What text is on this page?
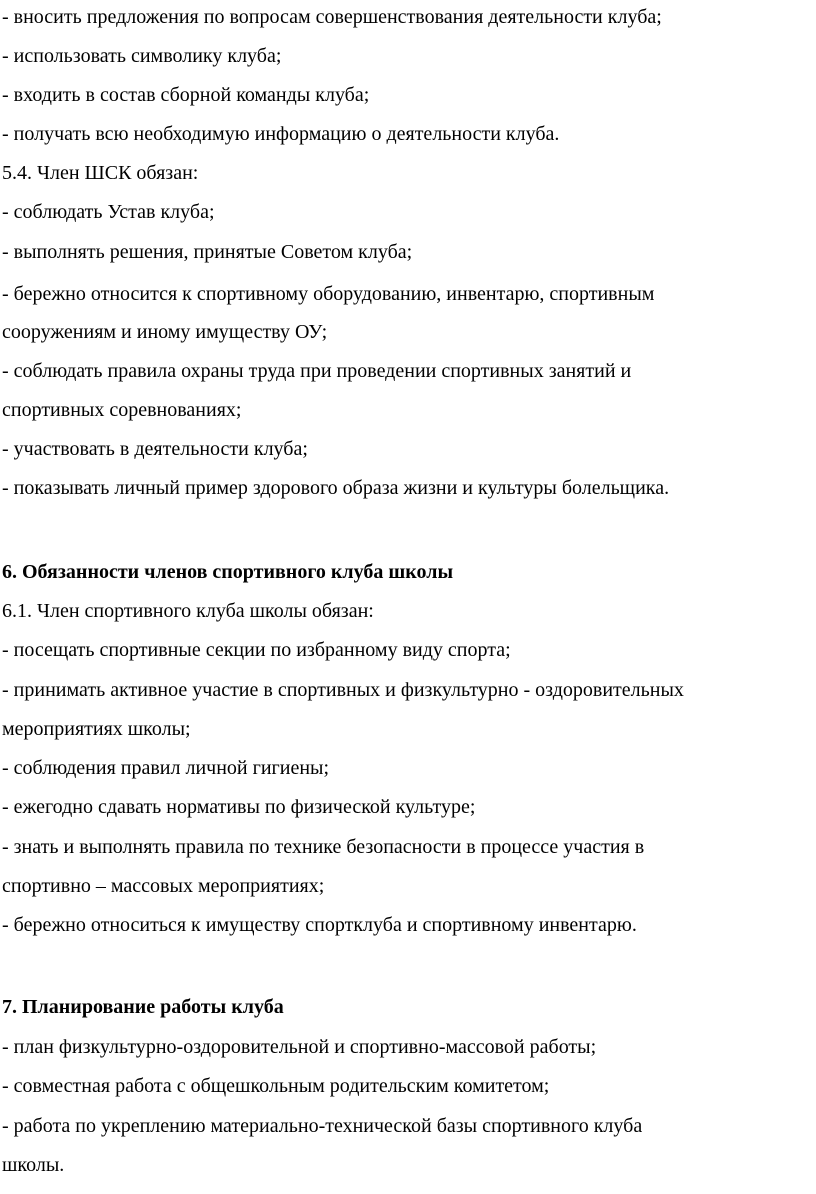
- вносить предложения по вопросам совершенствования деятельности клуба;
- использовать символику клуба;
- входить в состав сборной команды клуба;
- получать всю необходимую информацию о деятельности клуба.
5.4. Член ШСК обязан:
- соблюдать Устав клуба;
- выполнять решения, принятые Советом клуба;
- бережно относится к спортивному оборудованию, инвентарю, спортивным
сооружениям и иному имуществу ОУ;
- соблюдать правила охраны труда при проведении спортивных занятий и
спортивных соревнованиях;
- участвовать в деятельности клуба;
- показывать личный пример здорового образа жизни и культуры болельщика.
6. Обязанности членов спортивного клуба школы
6.1. Член спортивного клуба школы обязан:
- посещать спортивные секции по избранному виду спорта;
- принимать активное участие в спортивных и физкультурно - оздоровительных
мероприятиях школы;
- соблюдения правил личной гигиены;
- ежегодно сдавать нормативы по физической культуре;
- знать и выполнять правила по технике безопасности в процессе участия в
спортивно – массовых мероприятиях;
- бережно относиться к имуществу спортклуба и спортивному инвентарю.
7. Планирование работы клуба
- план физкультурно-оздоровительной и спортивно-массовой работы;
- совместная работа с общешкольным родительским комитетом;
- работа по укреплению материально-технической базы спортивного клуба
школы.
